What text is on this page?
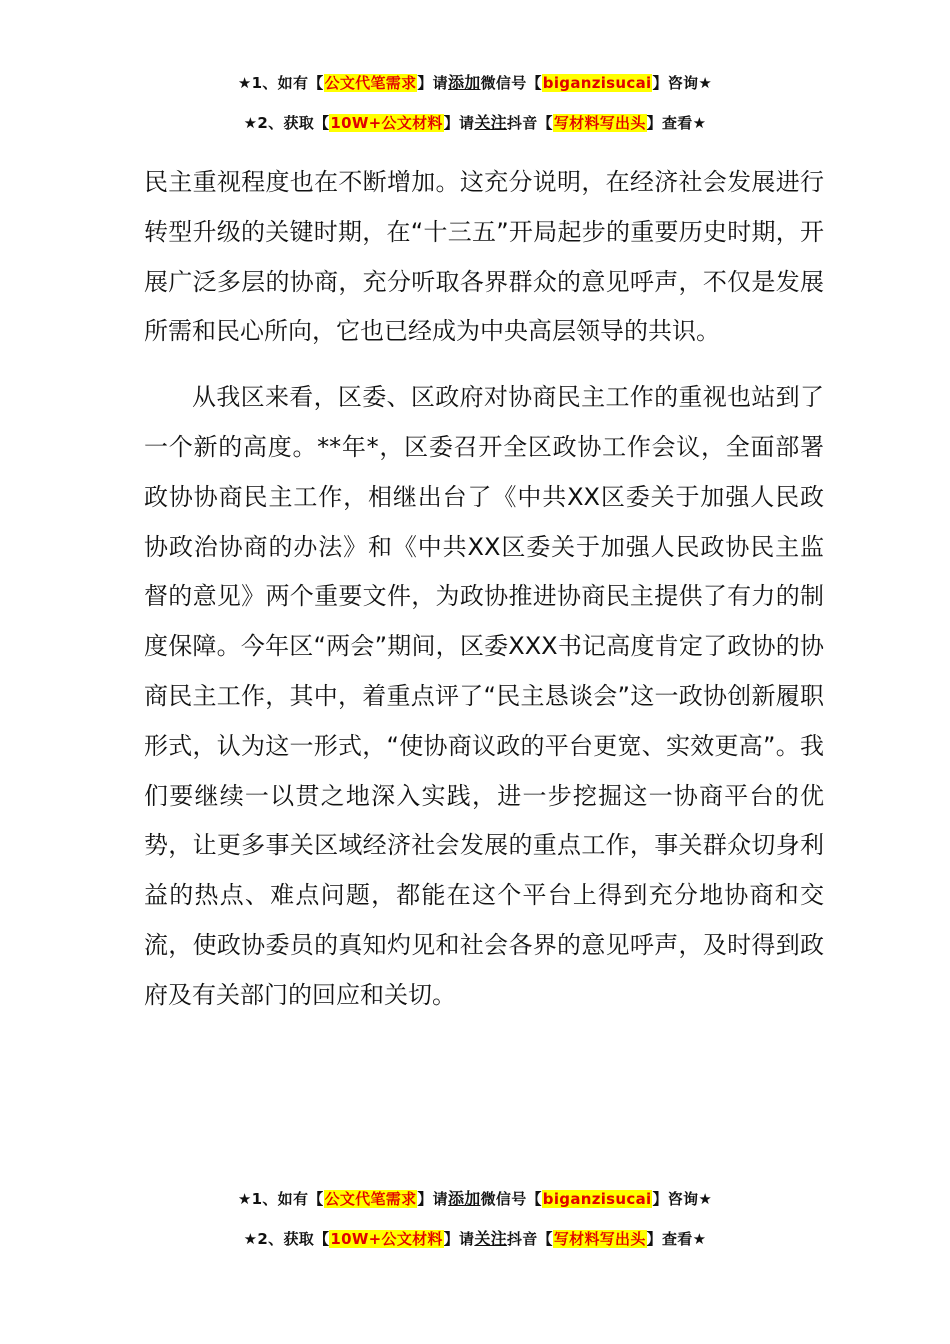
★1、如有【公文代笔需求】请添加微信号【biganzisucai】咨询★
★2、获取【10W+公文材料】请关注抖音【写材料写出头】查看★

民主重视程度也在不断增加。这充分说明，在经济社会发展进行转型升级的关键时期，在“十三五”开局起步的重要历史时期，开展广泛多层的协商，充分听取各界群众的意见呼声，不仅是发展所需和民心所向，它也已经成为中央高层领导的共识。

从我区来看，区委、区政府对协商民主工作的重视也站到了一个新的高度。**年*，区委召开全区政协工作会议，全面部署政协协商民主工作，相继出台了《中共XX区委关于加强人民政协政治协商的办法》和《中共XX区委关于加强人民政协民主监督的意见》两个重要文件，为政协推进协商民主提供了有力的制度保障。今年区“两会”期间，区委XXX书记高度肯定了政协的协商民主工作，其中，着重点评了“民主恳谈会”这一政协创新履职形式，认为这一形式，“使协商议政的平台更宽、实效更高”。我们要继续一以贯之地深入实践，进一步挖掘这一协商平台的优势，让更多事关区域经济社会发展的重点工作，事关群众切身利益的热点、难点问题，都能在这个平台上得到充分地协商和交流，使政协委员的真知灼见和社会各界的意见呼声，及时得到政府及有关部门的回应和关切。

★1、如有【公文代笔需求】请添加微信号【biganzisucai】咨询★
★2、获取【10W+公文材料】请关注抖音【写材料写出头】查看★
